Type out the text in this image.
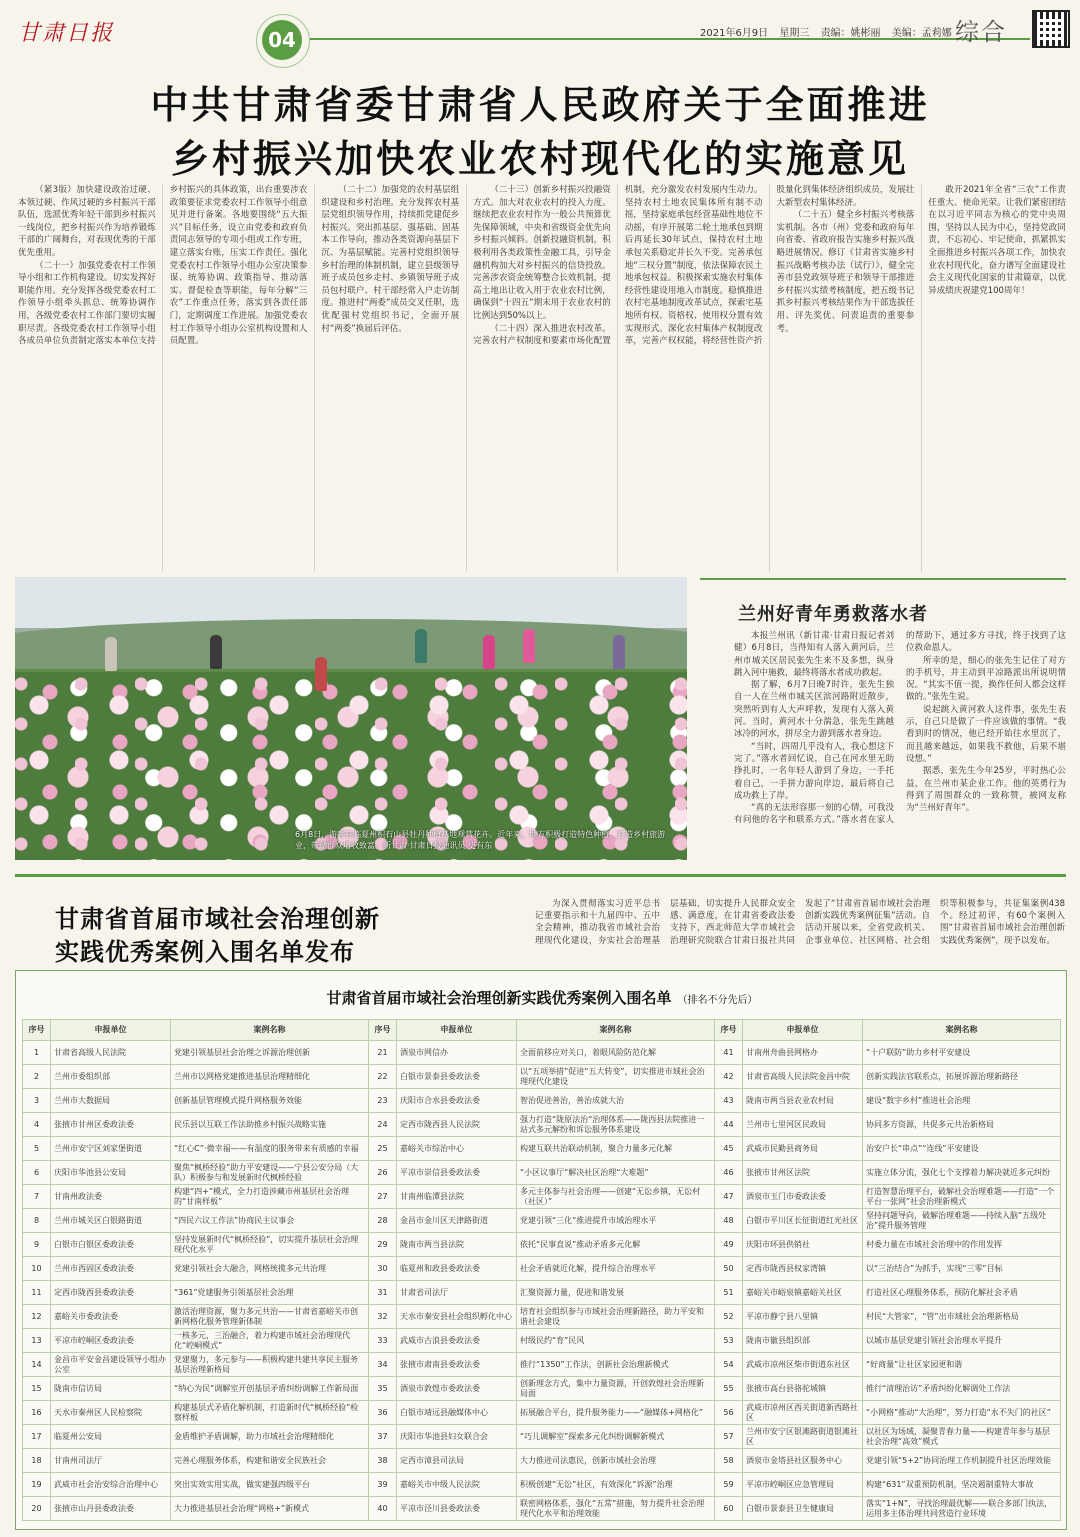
甘肃日报	04	2021年6月9日 星期三 责编：姚彬丽 美编：孟莉娜 综合
中共甘肃省委甘肃省人民政府关于全面推进
乡村振兴加快农业农村现代化的实施意见

（紧3版）加快建设政治过硬、本领过硬、作风过硬的乡村振兴干部队伍，选派优秀年轻干部到乡村振兴一线岗位，把乡村振兴作为培养锻炼干部的广阔舞台，对表现优秀的干部优先重用。

（二十一）加强党委农村工作领导小组和工作机构建设。切实发挥好职能作用。充分发挥各级党委农村工作领导小组牵头抓总、统筹协调作用，各级党委农村工作部门要切实履职尽责。各级党委农村工作领导小组各成员单位负责制定落实本单位支持乡村振兴的具体政策，出台重要涉农政策要征求党委农村工作领导小组意见并进行备案。各地要围绕“五大振兴”目标任务，设立由党委和政府负责同志领导的专项小组或工作专班，建立落实台账，压实工作责任。强化党委农村工作领导小组办公室决策参谋、统筹协调、政策指导、推动落实、督促检查等职能，每年分解“三农”工作重点任务，落实到各责任部门，定期调度工作进展。加强党委农村工作领导小组办公室机构设置和人员配置。

（二十二）加强党的农村基层组织建设和乡村治理。充分发挥农村基层党组织领导作用，持续抓党建促乡村振兴。突出抓基层、强基础、固基本工作导向，推动各类资源向基层下沉、为基层赋能。完善村党组织领导乡村治理的体制机制，建立县级领导班子成员包乡走村、乡镇领导班子成员包村联户、村干部经常入户走访制度。推进村“两委”成员交叉任职，选优配强村党组织书记，全面开展村“两委”换届后评估。

（二十三）创新乡村振兴投融资方式。加大对农业农村的投入力度。继续把农业农村作为一般公共预算优先保障领域，中央和省级资金优先向乡村振兴倾斜。创新投融资机制，积极利用各类政策性金融工具，引导金融机构加大对乡村振兴的信贷投放。完善涉农资金统筹整合长效机制，提高土地出让收入用于农业农村比例，确保到“十四五”期末用于农业农村的比例达到50%以上。

（二十四）深入推进农村改革。完善农村产权制度和要素市场化配置机制，充分激发农村发展内生动力。坚持农村土地农民集体所有制不动摇，坚持家庭承包经营基础性地位不动摇，有序开展第二轮土地承包到期后再延长30年试点，保持农村土地承包关系稳定并长久不变。完善承包地“三权分置”制度，依法保障农民土地承包权益。积极探索实施农村集体经营性建设用地入市制度。稳慎推进农村宅基地制度改革试点，探索宅基地所有权、资格权、使用权分置有效实现形式。深化农村集体产权制度改革，完善产权权能，将经营性资产折股量化到集体经济组织成员，发展壮大新型农村集体经济。

（二十五）健全乡村振兴考核落实机制。各市（州）党委和政府每年向省委、省政府报告实施乡村振兴战略进展情况。修订《甘肃省实施乡村振兴战略考核办法（试行）》，健全完善市县党政领导班子和领导干部推进乡村振兴实绩考核制度，把五级书记抓乡村振兴考核结果作为干部选拔任用、评先奖优、问责追责的重要参考。

敢开2021年全省“三农”工作责任重大、使命光荣。让我们紧密团结在以习近平同志为核心的党中央周围，坚持以人民为中心，坚持党政同责，不忘初心、牢记使命，抓紧抓实全面推进乡村振兴各项工作，加快农业农村现代化，奋力谱写全面建设社会主义现代化国家的甘肃篇章，以优异成绩庆祝建党100周年！

6月8日，游客在临夏州积石山县牡丹种植基地观赏花卉。近年来，地方积极打造特色种植，打造乡村旅游业，带动群众增收致富。新甘肃·甘肃日报通讯员 史有东
兰州好青年勇救落水者

本报兰州讯（新甘肃·甘肃日报记者刘健）6月8日，当得知有人落入黄河后，兰州市城关区居民张先生来不及多想，纵身跳入河中施救，最终将落水者成功救起。

据了解，6月7日晚7时许，张先生独自一人在兰州市城关区滨河路附近散步，突然听到有人大声呼救，发现有人落入黄河。当时，黄河水十分湍急，张先生跳越冰冷的河水，拼尽全力游到落水者身边。

“当时，四周几乎没有人，我心想这下完了。”落水者回忆说，自己在河水里无助挣扎时，一名年轻人游到了身边，一手托着自己，一手拼力游向岸边，最后将自己成功救上了岸。

“真的无法形容那一刻的心情，可我没有问他的名字和联系方式。”落水者在家人的帮助下，通过多方寻找，终于找到了这位救命恩人。

所幸的是，细心的张先生记住了对方的手机号，并主动到平凉路派出所说明情况。“其实不值一提，换作任何人都会这样做的。”张先生说。

说起跳入黄河救人这件事，张先生表示，自己只是做了一件应该做的事情。“我看到时的情况，他已经开始往水里沉了，而且越来越远，如果我不救他，后果不堪设想。”

据悉，张先生今年25岁，平时热心公益，在兰州市某企业工作。他的英勇行为得到了周围群众的一致称赞，被网友称为“兰州好青年”。

甘肃省首届市域社会治理创新
实践优秀案例入围名单发布

为深入贯彻落实习近平总书记重要指示和十九届四中、五中全会精神，推动我省市域社会治理现代化建设，夯实社会治理基层基础，切实提升人民群众安全感、满意度，在甘肃省委政法委支持下，西北师范大学市域社会治理研究院联合甘肃日报社共同发起了“甘肃省首届市域社会治理创新实践优秀案例征集”活动。自活动开展以来，全省党政机关、企事业单位、社区网格、社会组织等积极参与，共征集案例438个。经过初评，有60个案例入围“甘肃省首届市域社会治理创新实践优秀案例”，现予以发布。

甘肃省首届市域社会治理创新实践优秀案例入围名单 （排名不分先后）
序号	申报单位	案例名称	序号	申报单位	案例名称	序号	申报单位	案例名称
1	甘肃省高级人民法院	党建引领基层社会治理之诉源治理创新	21	酒泉市网信办	全面前移应对关口，着眼风险防范化解	41	甘南州舟曲县网格办	“十户联防”助力乡村平安建设
2	兰州市委组织部	兰州市以网格党建推进基层治理精细化	22	白银市景泰县委政法委	以“五项举措”促进“五大转变”，切实推进市域社会治理现代化建设	42	甘肃省高级人民法院金昌中院	创新实践法官联系点，拓展诉源治理新路径
3	兰州市大数据局	创新基层管理模式提升网格服务效能	23	庆阳市合水县委政法委	智治促进善治，善治成就大治	43	陇南市两当县农业农村局	建设“数字乡村”推进社会治理
4	张掖市甘州区委政法委	民乐县以互联工作法助推乡村振兴战略实施	24	定西市陇西县人民法院	强力打造“陇原法治”治理体系——陇西县法院推进一站式多元解纷和诉讼服务体系建设	44	兰州市七里河区民政局	协同多方资源，共促多元共治新格局
5	兰州市安宁区刘家堡街道	“红心C”·微幸福——有温度的服务带来有质感的幸福	25	嘉峪关市综治中心	构建互联共治联动机制，聚合力量多元化解	45	武威市民勤县商务局	治安户长“串点”“连线”平安建设
6	庆阳市华池县公安局	聚焦“枫桥经验”助力平安建设——宁县公安分局（大队）积极参与和发展新时代枫桥经验	26	平凉市崇信县委政法委	“小区议事厅”解决社区治理“大难题”	46	张掖市甘州区法院	实施立体分流，强化七个支撑着力解决就近多元纠纷
7	甘南州政法委	构建“四+”模式，全力打造涉藏市州基层社会治理的“甘南样板”	27	甘南州临潭县法院	多元主体参与社会治理——创建“无讼乡镇，无讼村（社区）”	47	酒泉市玉门市委政法委	打造智慧治理平台，破解社会治理难题——打造“一个平台一张网”社会治理新模式
8	兰州市城关区白银路街道	“四民六议工作法”协商民主议事会	28	金昌市金川区天津路街道	党建引领“三化”推进提升市域治理水平	48	白银市平川区长征街道红光社区	坚持问题导向，破解治理难题——持续入脑“五级处治”提升服务管理
9	白银市白银区委政法委	坚持发展新时代“枫桥经验”，切实提升基层社会治理现代化水平	29	陇南市两当县法院	依托“民事直说”推动矛盾多元化解	49	庆阳市环县供销社	村委力量在市域社会治理中的作用发挥
10	兰州市西固区委政法委	党建引领社会大融合，网格统揽多元共治理	30	临夏州和政县委政法委	社会矛盾就近化解，提升综合治理水平	50	定西市陇西县权家湾镇	以“三治结合”为抓手，实现“三零”目标
11	定西市陇西县委政法委	“361”党建服务引领基层社会治理	31	甘肃省司法厅	汇聚资源力量，促进和谐发展	51	嘉峪关市峪泉镇嘉峪关社区	打造社区心理服务体系，预防化解社会矛盾
12	嘉峪关市委政法委	激活治理资源，聚力多元共治——甘肃省嘉峪关市创新网格化服务管理新体制	32	天水市秦安县社会组织孵化中心	培育社会组织参与市域社会治理新路径，助力平安和谐社会建设	52	平凉市静宁县八里镇	村民“大管家”，“管”出市域社会治理新格局
13	平凉市崆峒区委政法委	一核多元，三治融合，着力构建市域社会治理现代化“崆峒模式”	33	武威市古浪县委政法委	村级民约“育”民风	53	陇南市徽县组织部	以城市基层党建引领社会治理水平提升
14	金昌市平安金昌建设领导小组办公室	党建聚力，多元参与——积极构建共建共享民主服务基层治理新格局	34	张掖市肃南县委政法委	推行“1350”工作法，创新社会治理新模式	54	武威市凉州区柴市街道东社区	“好商量”让社区家园更和谐
15	陇南市信访局	“纳心为民”调解室开创基层矛盾纠纷调解工作新局面	35	酒泉市敦煌市委政法委	创新理念方式，集中力量资源，开创敦煌社会治理新局面	55	张掖市高台县骆驼城镇	推行“清理治访”矛盾纠纷化解调处工作法
16	天水市秦州区人民检察院	构建基层式矛盾化解机制，打造新时代“枫桥经验”检察样板	36	白银市靖远县融媒体中心	拓展融合平台，提升服务能力——“融媒体+网格化”	56	武威市凉州区西关街道新西路社区	“小网格”推动“大治理”，努力打造“水不失门的社区”
17	临夏州公安局	金盾维护矛盾调解，助力市域社会治理精细化	37	庆阳市华池县妇女联合会	“巧儿调解室”探索多元化纠纷调解新模式	57	兰州市安宁区银滩路街道银滩社区	以社区为场域，凝聚青春力量——构建青年参与基层社会治理“高效”模式
18	甘南州司法厅	完善心理服务体系，构建和谐安全民族社会	38	定西市漳县司法局	大力推进司法惠民，创新市域社会治理	58	酒泉市金塔县社区服务中心	党建引领“5+2”协同治理工作机制提升社区治理效能
19	武威市社会治安综合治理中心	突出实效实用实战，做实建强四级平台	39	嘉峪关市中级人民法院	积极创建“无讼”社区，有效深化“诉源”治理	59	平凉市崆峒区应急管理局	构建“631”双重预防机制，坚决遏制重特大事故
20	张掖市山丹县委政法委	大力推进基层社会治理“网格+”新模式	40	平凉市泾川县委政法委	联密网格体系，强化“五常”措施，努力提升社会治理现代化水平和治理效能	60	白银市景泰县卫生健康局	落实“1+N”，寻找治理最优解——联合多部门执法，运用多主体治理共同营造行业环境
